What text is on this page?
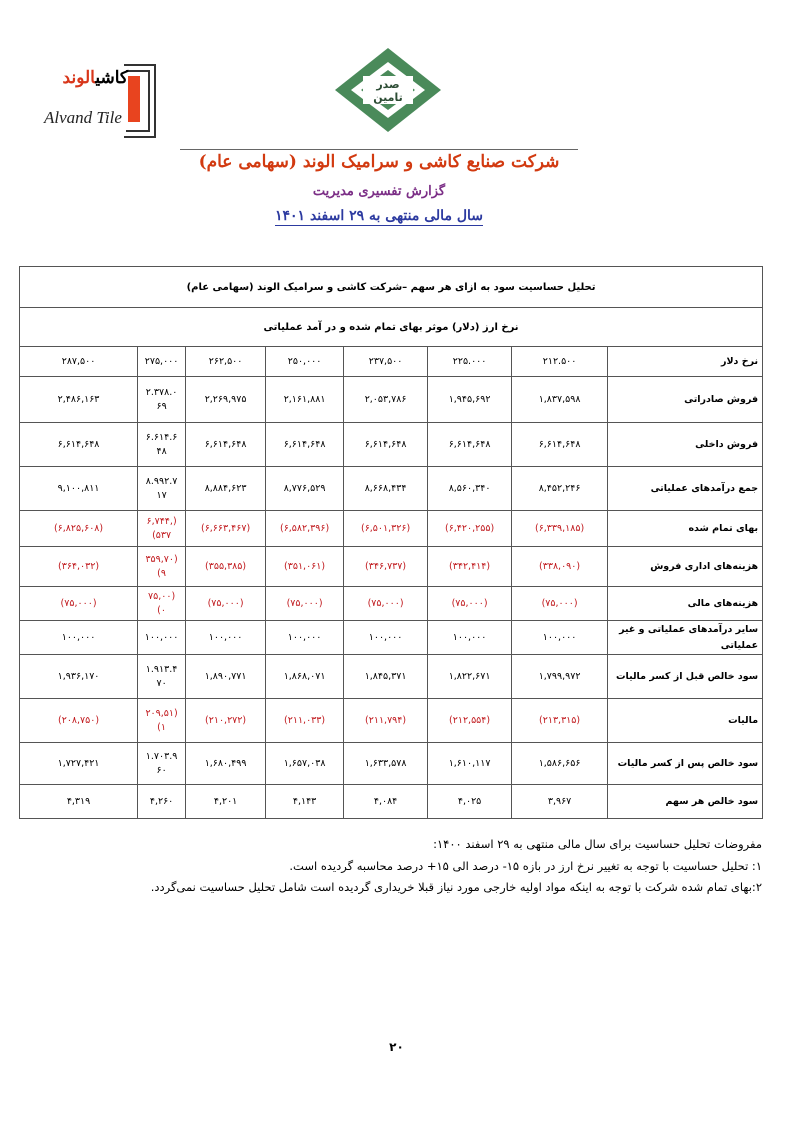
كاشیالوند
Alvand Tile
صدر
تامین
شرکت صنایع کاشی و سرامیک الوند (سهامی عام)
گزارش تفسیری مدیریت
سال مالی منتهی به ۲۹ اسفند ۱۴۰۱
تحلیل حساسیت سود به ازای هر سهم –شرکت کاشی و سرامیک الوند (سهامی عام)							
نرخ ارز (دلار) موثر بهای تمام شده و در آمد عملیاتی							
نرخ دلار	۲۱۲.۵۰۰	۲۲۵.۰۰۰	۲۳۷,۵۰۰	۲۵۰,۰۰۰	۲۶۲,۵۰۰	۲۷۵,۰۰۰	۲۸۷,۵۰۰
فروش صادراتی	۱,۸۳۷,۵۹۸	۱,۹۴۵,۶۹۲	۲,۰۵۳,۷۸۶	۲,۱۶۱,۸۸۱	۲,۲۶۹,۹۷۵	۲.۳۷۸.۰۶۹	۲,۴۸۶,۱۶۳
فروش داخلی	۶,۶۱۴,۶۴۸	۶,۶۱۴,۶۴۸	۶,۶۱۴,۶۴۸	۶,۶۱۴,۶۴۸	۶,۶۱۴,۶۴۸	۶.۶۱۴.۶۴۸	۶,۶۱۴,۶۴۸
جمع درآمدهای عملیاتی	۸,۴۵۲,۲۴۶	۸,۵۶۰,۳۴۰	۸,۶۶۸,۴۳۴	۸,۷۷۶,۵۲۹	۸,۸۸۴,۶۲۳	۸.۹۹۲.۷۱۷	۹,۱۰۰,۸۱۱
بهای تمام شده	(۶,۳۳۹,۱۸۵)	(۶,۴۲۰,۲۵۵)	(۶,۵۰۱,۳۲۶)	(۶,۵۸۲,۳۹۶)	(۶,۶۶۳,۴۶۷)	(۶,۷۴۴,۵۳۷)	(۶,۸۲۵,۶۰۸)
هزینه‌های اداری فروش	(۳۳۸,۰۹۰)	(۳۴۲,۴۱۴)	(۳۴۶,۷۳۷)	(۳۵۱,۰۶۱)	(۳۵۵,۳۸۵)	(۳۵۹,۷۰۹)	(۳۶۴,۰۳۲)
هزینه‌های مالی	(۷۵,۰۰۰)	(۷۵,۰۰۰)	(۷۵,۰۰۰)	(۷۵,۰۰۰)	(۷۵,۰۰۰)	(۷۵,۰۰۰)	(۷۵,۰۰۰)
سایر درآمدهای عملیاتی و غیر عملیاتی	۱۰۰,۰۰۰	۱۰۰,۰۰۰	۱۰۰,۰۰۰	۱۰۰,۰۰۰	۱۰۰,۰۰۰	۱۰۰,۰۰۰	۱۰۰,۰۰۰
سود خالص قبل از کسر مالیات	۱,۷۹۹,۹۷۲	۱,۸۲۲,۶۷۱	۱,۸۴۵,۳۷۱	۱,۸۶۸,۰۷۱	۱,۸۹۰,۷۷۱	۱.۹۱۳.۴۷۰	۱,۹۳۶,۱۷۰
مالیات	(۲۱۳,۳۱۵)	(۲۱۲,۵۵۴)	(۲۱۱,۷۹۴)	(۲۱۱,۰۳۳)	(۲۱۰,۲۷۲)	(۲۰۹,۵۱۱)	(۲۰۸,۷۵۰)
سود خالص پس از کسر مالیات	۱,۵۸۶,۶۵۶	۱,۶۱۰,۱۱۷	۱,۶۳۳,۵۷۸	۱,۶۵۷,۰۳۸	۱,۶۸۰,۴۹۹	۱.۷۰۳.۹۶۰	۱,۷۲۷,۴۲۱
سود خالص هر سهم	۳,۹۶۷	۴,۰۲۵	۴,۰۸۴	۴,۱۴۳	۴,۲۰۱	۴,۲۶۰	۴,۳۱۹

مفروضات تحلیل حساسیت برای سال مالی منتهی به ۲۹ اسفند ۱۴۰۰:

۱: تحلیل حساسیت با توجه به تغییر نرخ ارز در بازه ۱۵- درصد الی ۱۵+ درصد محاسبه گردیده است.

۲:بهای تمام شده شرکت با توجه به اینکه مواد اولیه خارجی مورد نیاز قبلا خریداری گردیده است شامل تحلیل حساسیت نمی‌گردد.

۲۰
